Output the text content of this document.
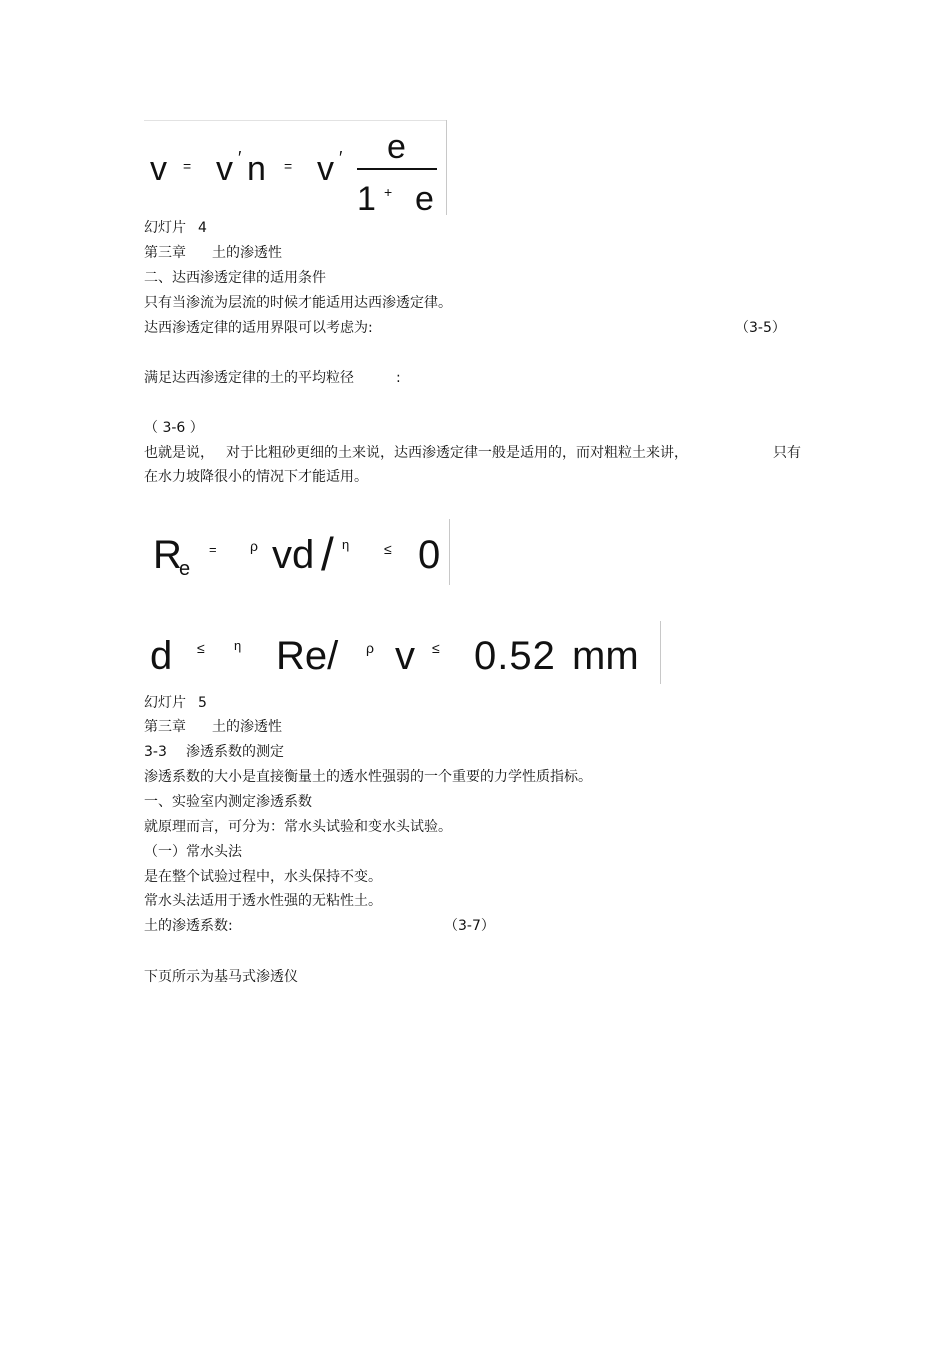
v = v ′ n = v ′ e
1 + e
幻灯片 4
第三章 土的渗透性
二、达西渗透定律的适用条件
只有当渗流为层流的时候才能适用达西渗透定律。
达西渗透定律的适用界限可以考虑为:	（3-5）
满足达西渗透定律的土的平均粒径	:
（ 3-6 ）
也就是说， 对于比粗砂更细的土来说，达西渗透定律一般是适用的，而对粗粒土来讲，	只有
在水力坡降很小的情况下才能适用。
R
e
= ρ vd / η ≤ 0
d ≤ η Re/ ρ v ≤ 0.52 mm
幻灯片 5
第三章 土的渗透性
3-3 渗透系数的测定
渗透系数的大小是直接衡量土的透水性强弱的一个重要的力学性质指标。
一、实验室内测定渗透系数
就原理而言，可分为：常水头试验和变水头试验。
（一）常水头法
是在整个试验过程中，水头保持不变。
常水头法适用于透水性强的无粘性土。
土的渗透系数:	（3-7）
下页所示为基马式渗透仪
